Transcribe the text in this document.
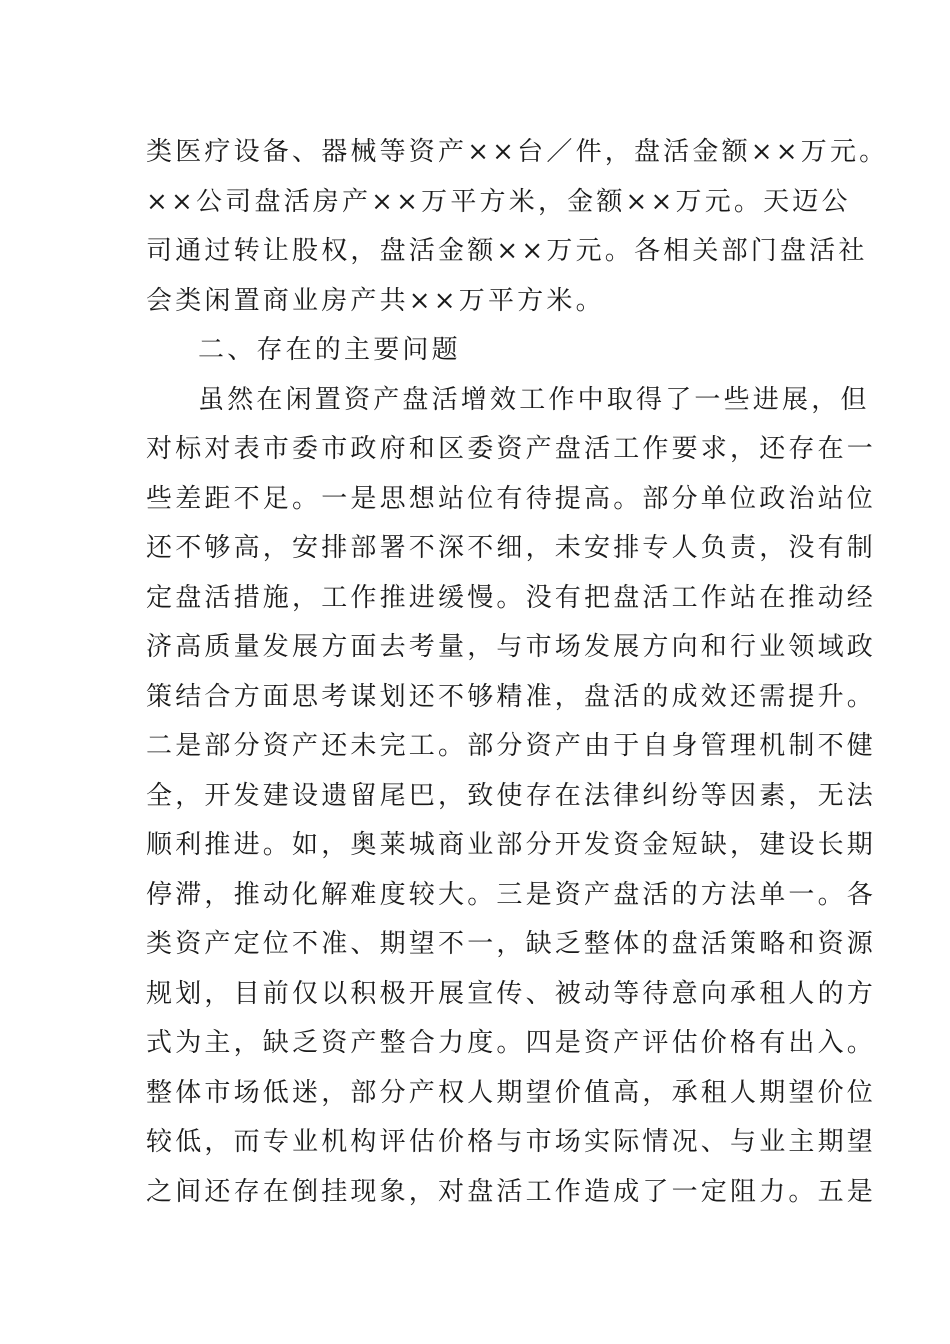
类医疗设备、器械等资产××台／件，盘活金额××万元。
××公司盘活房产××万平方米，金额××万元。天迈公
司通过转让股权，盘活金额××万元。各相关部门盘活社
会类闲置商业房产共××万平方米。
二、存在的主要问题
虽然在闲置资产盘活增效工作中取得了一些进展，但
对标对表市委市政府和区委资产盘活工作要求，还存在一
些差距不足。一是思想站位有待提高。部分单位政治站位
还不够高，安排部署不深不细，未安排专人负责，没有制
定盘活措施，工作推进缓慢。没有把盘活工作站在推动经
济高质量发展方面去考量，与市场发展方向和行业领域政
策结合方面思考谋划还不够精准，盘活的成效还需提升。
二是部分资产还未完工。部分资产由于自身管理机制不健
全，开发建设遗留尾巴，致使存在法律纠纷等因素，无法
顺利推进。如，奥莱城商业部分开发资金短缺，建设长期
停滞，推动化解难度较大。三是资产盘活的方法单一。各
类资产定位不准、期望不一，缺乏整体的盘活策略和资源
规划，目前仅以积极开展宣传、被动等待意向承租人的方
式为主，缺乏资产整合力度。四是资产评估价格有出入。
整体市场低迷，部分产权人期望价值高，承租人期望价位
较低，而专业机构评估价格与市场实际情况、与业主期望
之间还存在倒挂现象，对盘活工作造成了一定阻力。五是
